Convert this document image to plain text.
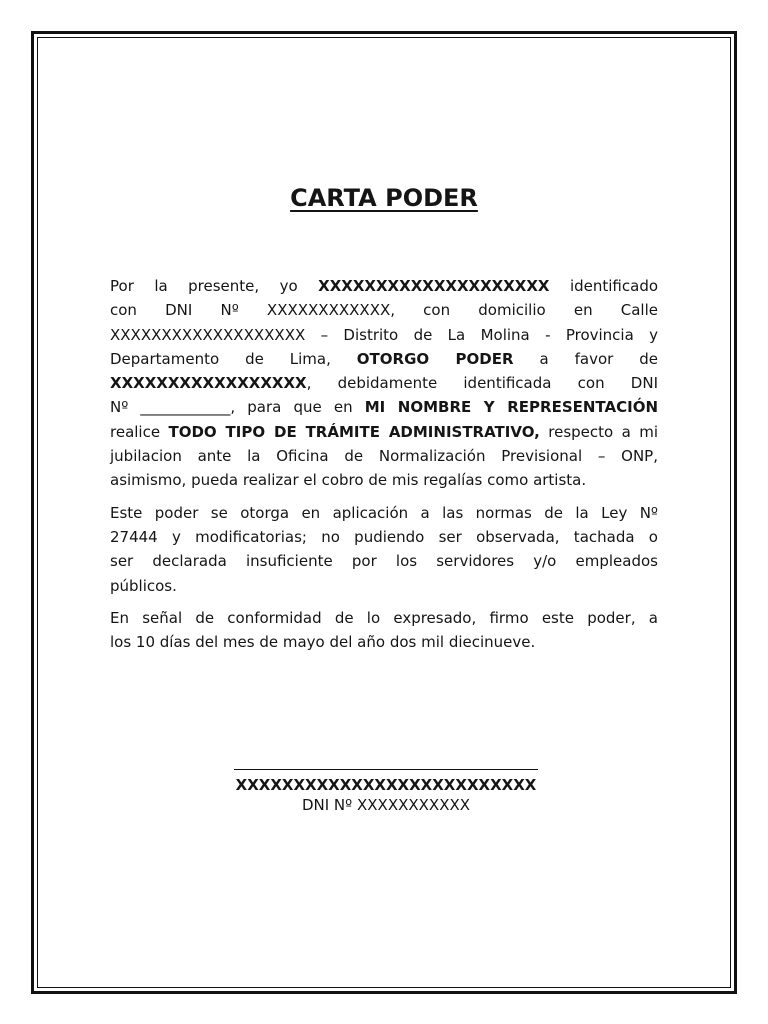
CARTA PODER
Por la presente, yo XXXXXXXXXXXXXXXXXXXX identificado
con DNI Nº XXXXXXXXXXXX, con domicilio en Calle
XXXXXXXXXXXXXXXXXXX – Distrito de La Molina - Provincia y
Departamento de Lima, OTORGO PODER a favor de
XXXXXXXXXXXXXXXXX, debidamente identificada con DNI
Nº ____________, para que en MI NOMBRE Y REPRESENTACIÓN
realice TODO TIPO DE TRÁMITE ADMINISTRATIVO, respecto a mi
jubilacion ante la Oficina de Normalización Previsional – ONP,
asimismo, pueda realizar el cobro de mis regalías como artista.
Este poder se otorga en aplicación a las normas de la Ley Nº
27444 y modificatorias; no pudiendo ser observada, tachada o
ser declarada insuficiente por los servidores y/o empleados
públicos.
En señal de conformidad de lo expresado, firmo este poder, a
los 10 días del mes de mayo del año dos mil diecinueve.
XXXXXXXXXXXXXXXXXXXXXXXXXX
DNI Nº XXXXXXXXXXX
